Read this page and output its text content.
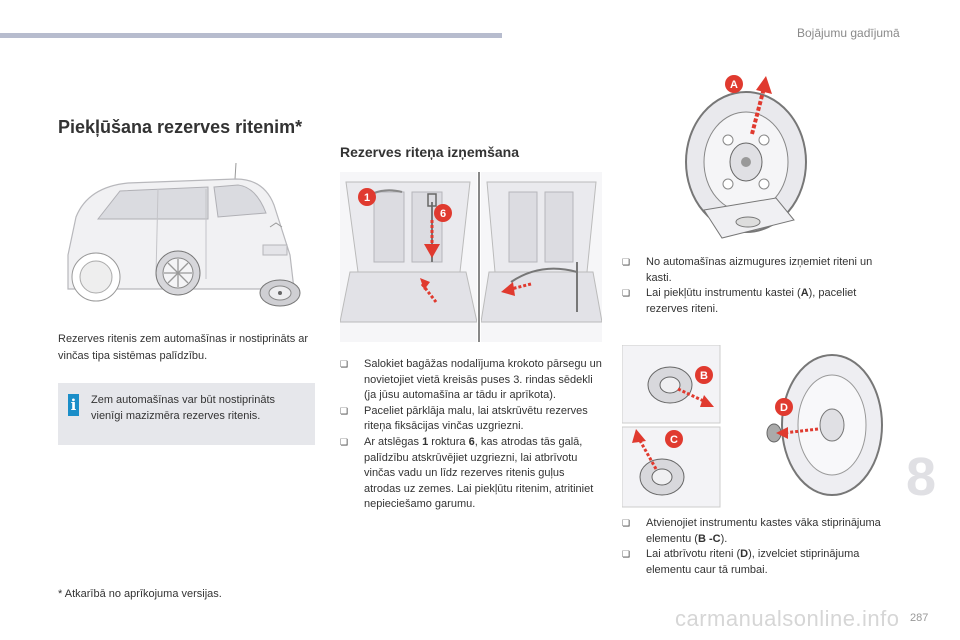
Bojājumu gadījumā
8
287
Piekļūšana rezerves ritenim*
Rezerves ritenis zem automašīnas ir nostiprināts ar vinčas tipa sistēmas palīdzību.
i Zem automašīnas var būt nostiprināts vienīgi mazizmēra rezerves ritenis.
* Atkarībā no aprīkojuma versijas.
Rezerves riteņa izņemšana
1
6
❏ Salokiet bagāžas nodalījuma krokoto pārsegu un novietojiet vietā kreisās puses 3. rindas sēdekli (ja jūsu automašīna ar tādu ir aprīkota).
❏ Paceliet pārklāja malu, lai atskrūvētu rezerves riteņa fiksācijas vinčas uzgriezni.
❏ Ar atslēgas 1 roktura 6, kas atrodas tās galā, palīdzību atskrūvējiet uzgriezni, lai atbrīvotu vinčas vadu un līdz rezerves ritenis guļus atrodas uz zemes. Lai piekļūtu ritenim, atritiniet nepieciešamo garumu.
A
❏ No automašīnas aizmugures izņemiet riteni un kasti.
❏ Lai piekļūtu instrumentu kastei (A), paceliet rezerves riteni.
B
C
D
❏ Atvienojiet instrumentu kastes vāka stiprinājuma elementu (B -C).
❏ Lai atbrīvotu riteni (D), izvelciet stiprinājuma elementu caur tā rumbai.
carmanualsonline.info
